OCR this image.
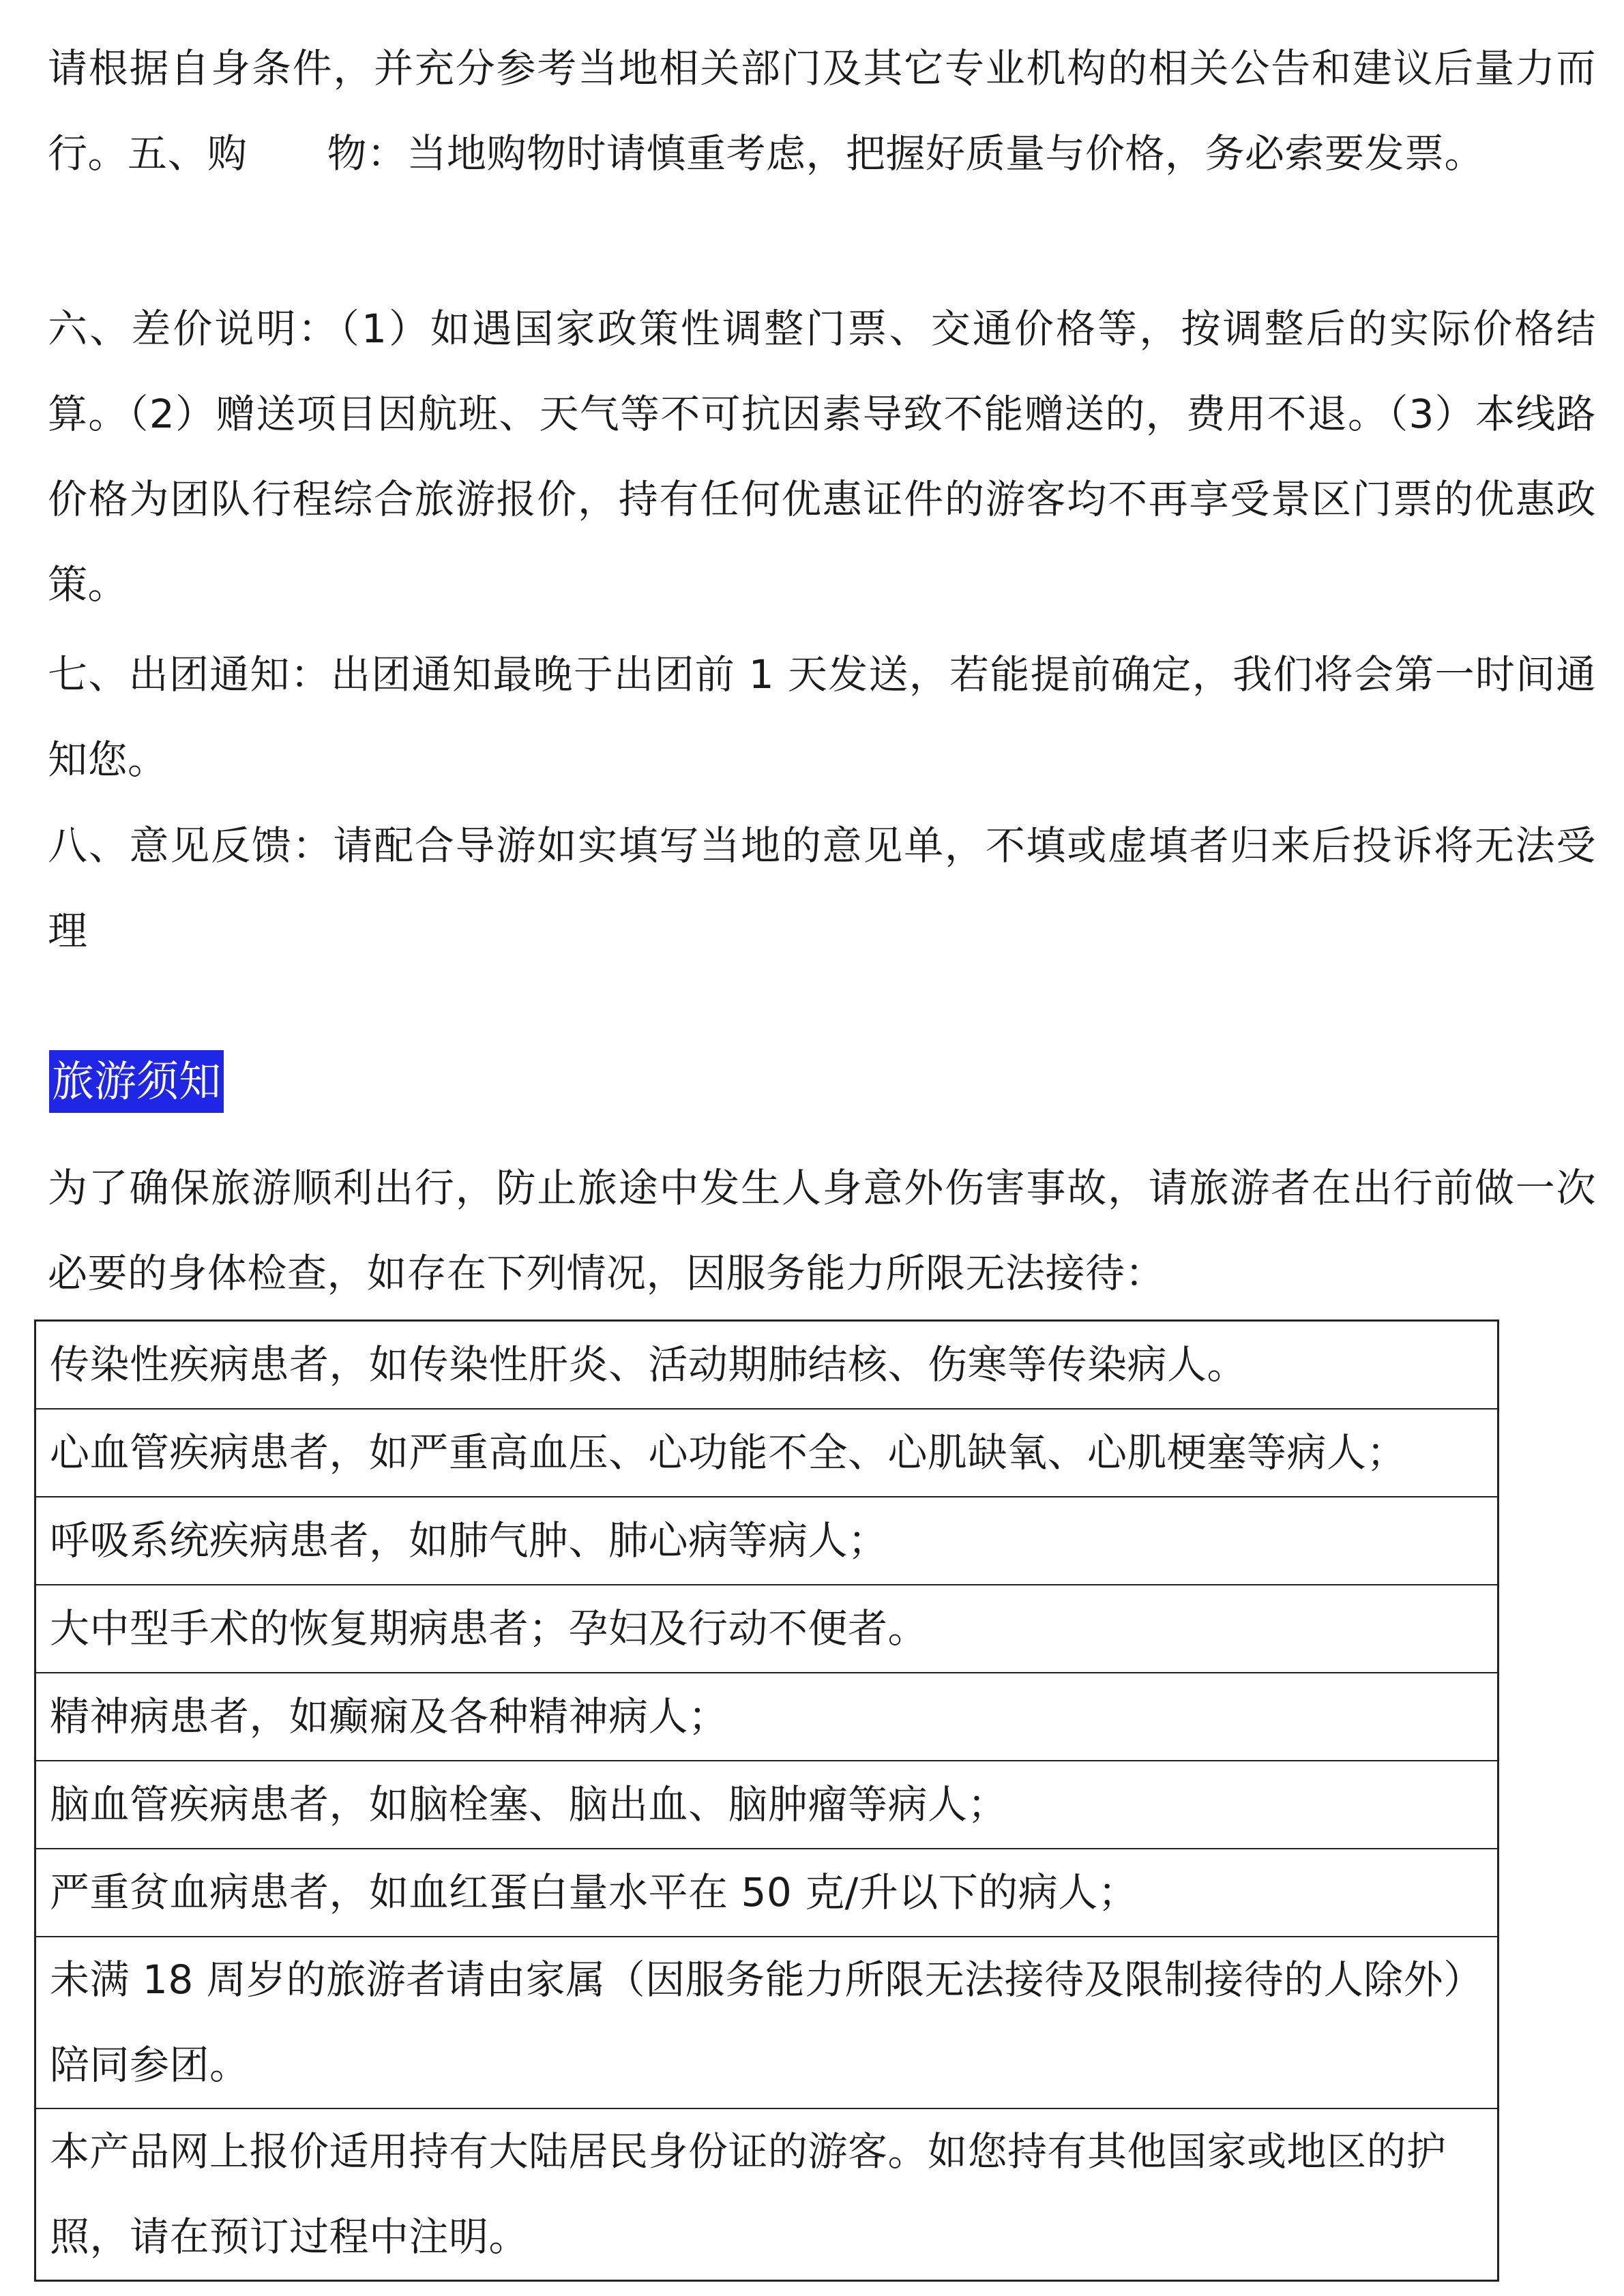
请根据自身条件，并充分参考当地相关部门及其它专业机构的相关公告和建议后量力而行。五、购　　物：当地购物时请慎重考虑，把握好质量与价格，务必索要发票。

六、差价说明：（1）如遇国家政策性调整门票、交通价格等，按调整后的实际价格结算。（2）赠送项目因航班、天气等不可抗因素导致不能赠送的，费用不退。（3）本线路价格为团队行程综合旅游报价，持有任何优惠证件的游客均不再享受景区门票的优惠政策。

七、出团通知：出团通知最晚于出团前 1 天发送，若能提前确定，我们将会第一时间通知您。

八、意见反馈：请配合导游如实填写当地的意见单，不填或虚填者归来后投诉将无法受理

旅游须知

为了确保旅游顺利出行，防止旅途中发生人身意外伤害事故，请旅游者在出行前做一次必要的身体检查，如存在下列情况，因服务能力所限无法接待：

传染性疾病患者，如传染性肝炎、活动期肺结核、伤寒等传染病人。
心血管疾病患者，如严重高血压、心功能不全、心肌缺氧、心肌梗塞等病人；
呼吸系统疾病患者，如肺气肿、肺心病等病人；
大中型手术的恢复期病患者；孕妇及行动不便者。
精神病患者，如癫痫及各种精神病人；
脑血管疾病患者，如脑栓塞、脑出血、脑肿瘤等病人；
严重贫血病患者，如血红蛋白量水平在 50 克/升以下的病人；
未满 18 周岁的旅游者请由家属（因服务能力所限无法接待及限制接待的人除外）陪同参团。
本产品网上报价适用持有大陆居民身份证的游客。如您持有其他国家或地区的护照，请在预订过程中注明。
